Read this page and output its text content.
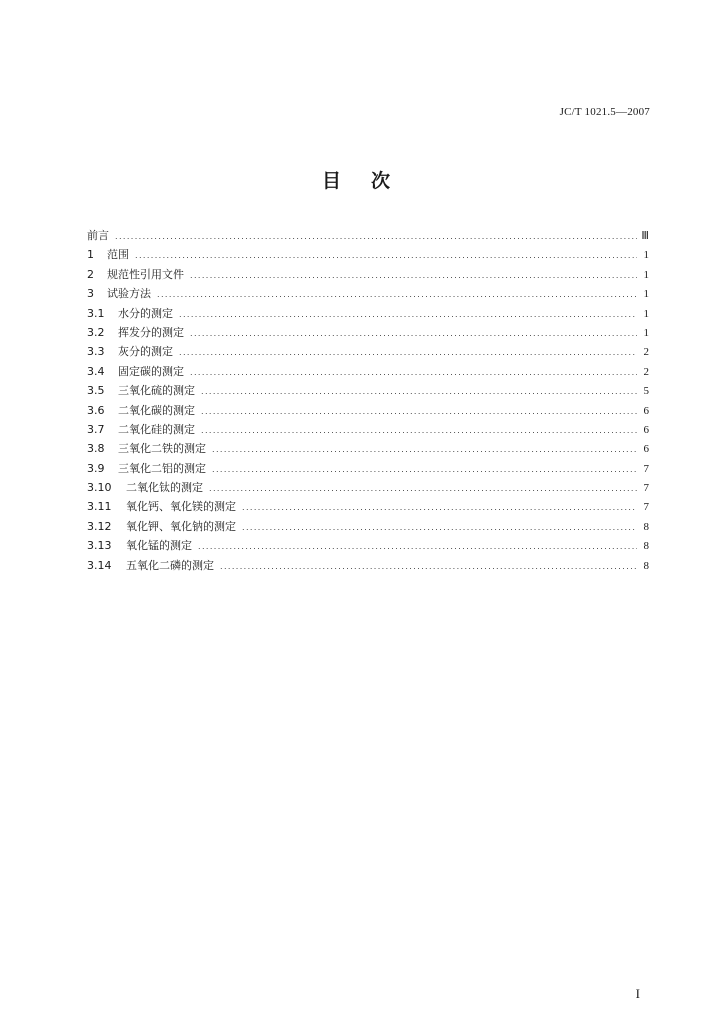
JC/T 1021.5—2007
目 次
前言 .....	Ⅲ
1	范围 .....	1
2	规范性引用文件 .....	1
3	试验方法 .....	1
3.1	水分的测定 .....	1
3.2	挥发分的测定 .....	1
3.3	灰分的测定 .....	2
3.4	固定碳的测定 .....	2
3.5	三氧化硫的测定 .....	5
3.6	二氧化碳的测定 .....	6
3.7	二氧化硅的测定 .....	6
3.8	三氧化二铁的测定 .....	6
3.9	三氧化二铝的测定 .....	7
3.10	二氧化钛的测定 .....	7
3.11	氧化钙、氧化镁的测定 .....	7
3.12	氧化钾、氧化钠的测定 .....	8
3.13	氧化锰的测定 .....	8
3.14	五氧化二磷的测定 .....	8
I
